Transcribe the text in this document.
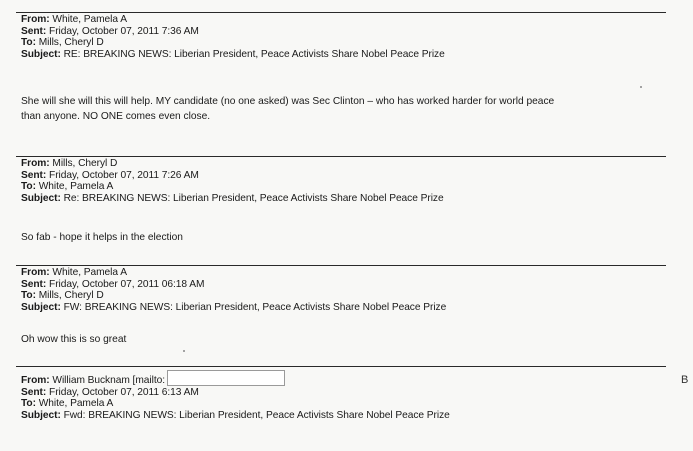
From: White, Pamela A
Sent: Friday, October 07, 2011 7:36 AM
To: Mills, Cheryl D
Subject: RE: BREAKING NEWS: Liberian President, Peace Activists Share Nobel Peace Prize
She will she will this will help. MY candidate (no one asked) was Sec Clinton – who has worked harder for world peace
than anyone. NO ONE comes even close.
From: Mills, Cheryl D
Sent: Friday, October 07, 2011 7:26 AM
To: White, Pamela A
Subject: Re: BREAKING NEWS: Liberian President, Peace Activists Share Nobel Peace Prize
So fab - hope it helps in the election
From: White, Pamela A
Sent: Friday, October 07, 2011 06:18 AM
To: Mills, Cheryl D
Subject: FW: BREAKING NEWS: Liberian President, Peace Activists Share Nobel Peace Prize
Oh wow this is so great
From: William Bucknam [mailto:
Sent: Friday, October 07, 2011 6:13 AM
To: White, Pamela A
Subject: Fwd: BREAKING NEWS: Liberian President, Peace Activists Share Nobel Peace Prize
B
